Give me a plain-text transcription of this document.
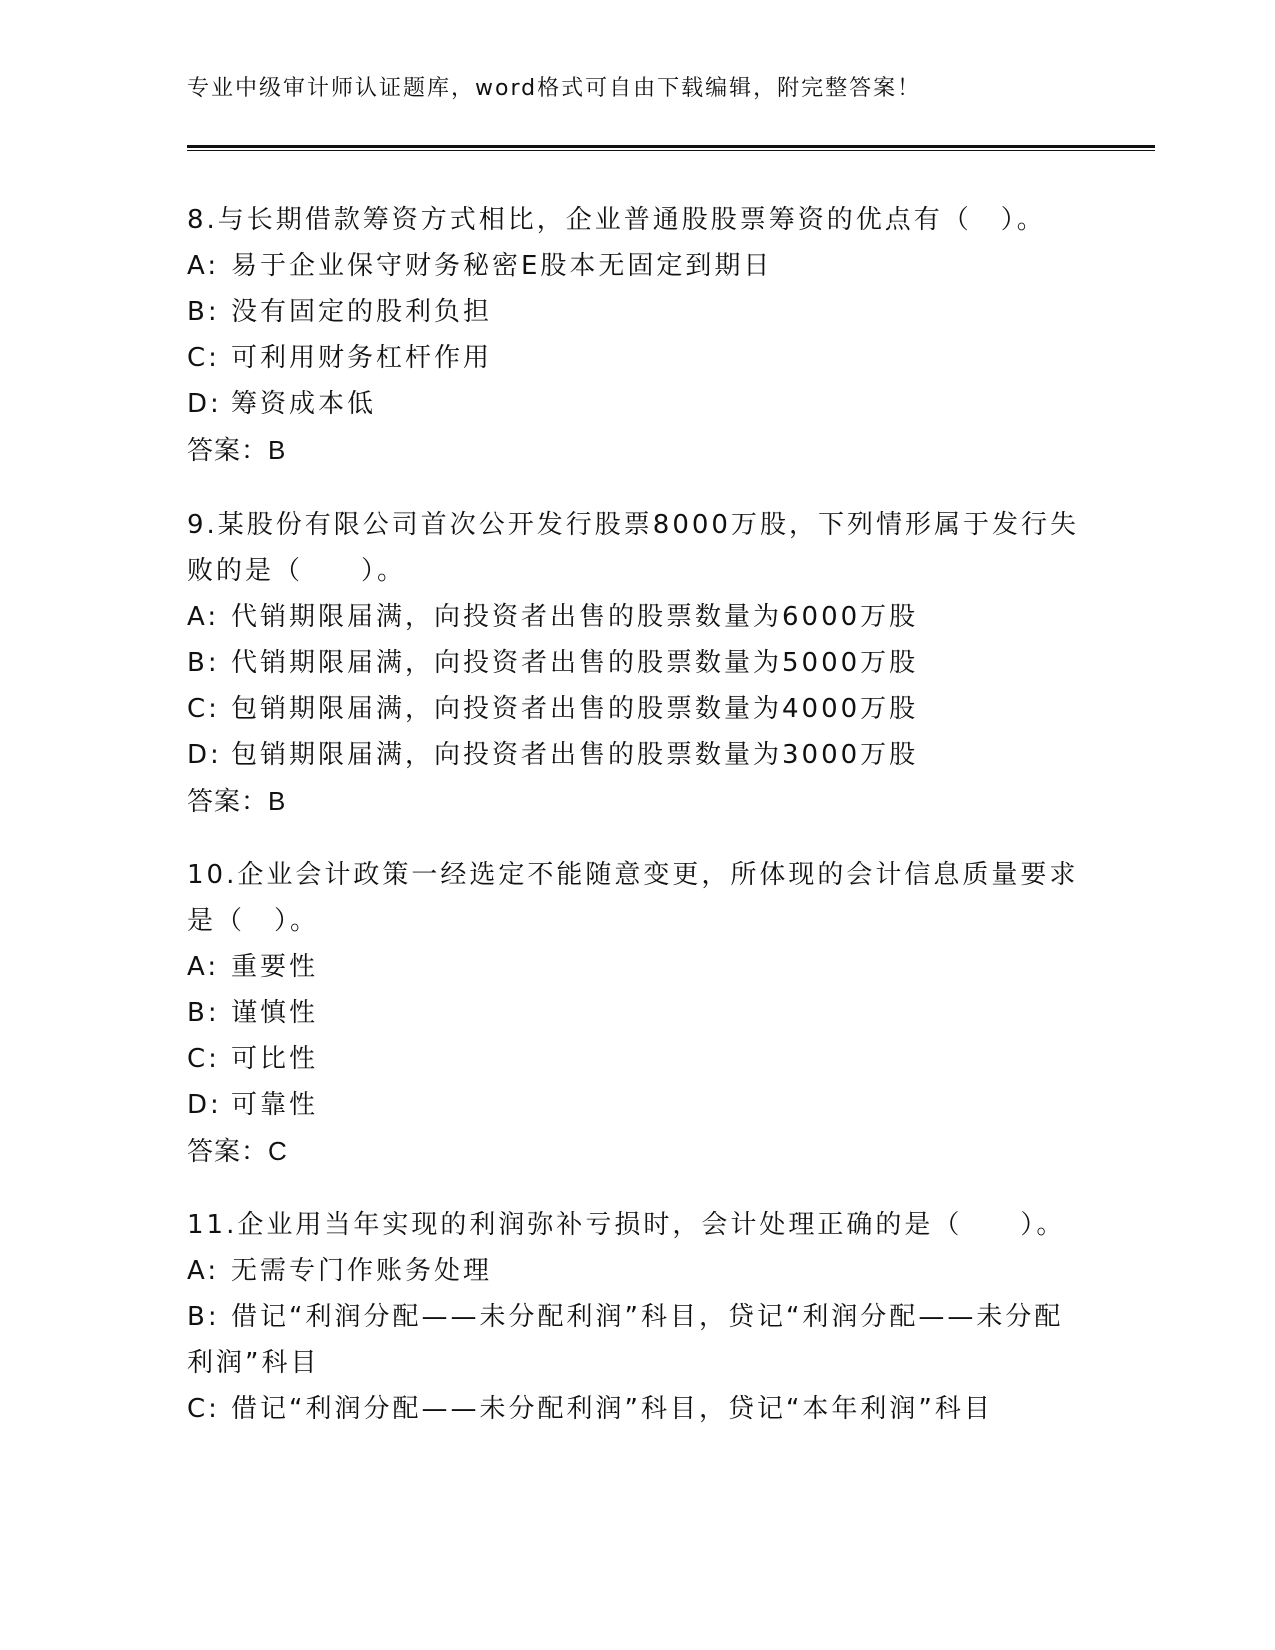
专业中级审计师认证题库，word格式可自由下载编辑，附完整答案！
8.与长期借款筹资方式相比，企业普通股股票筹资的优点有（　）。
A: 易于企业保守财务秘密E股本无固定到期日
B: 没有固定的股利负担
C: 可利用财务杠杆作用
D: 筹资成本低
答案：B
9.某股份有限公司首次公开发行股票8000万股，下列情形属于发行失败的是（　　）。
A: 代销期限届满，向投资者出售的股票数量为6000万股
B: 代销期限届满，向投资者出售的股票数量为5000万股
C: 包销期限届满，向投资者出售的股票数量为4000万股
D: 包销期限届满，向投资者出售的股票数量为3000万股
答案：B
10.企业会计政策一经选定不能随意变更，所体现的会计信息质量要求是（　）。
A: 重要性
B: 谨慎性
C: 可比性
D: 可靠性
答案：C
11.企业用当年实现的利润弥补亏损时，会计处理正确的是（　　）。
A: 无需专门作账务处理
B: 借记“利润分配——未分配利润”科目，贷记“利润分配——未分配利润”科目
C: 借记“利润分配——未分配利润”科目，贷记“本年利润”科目
